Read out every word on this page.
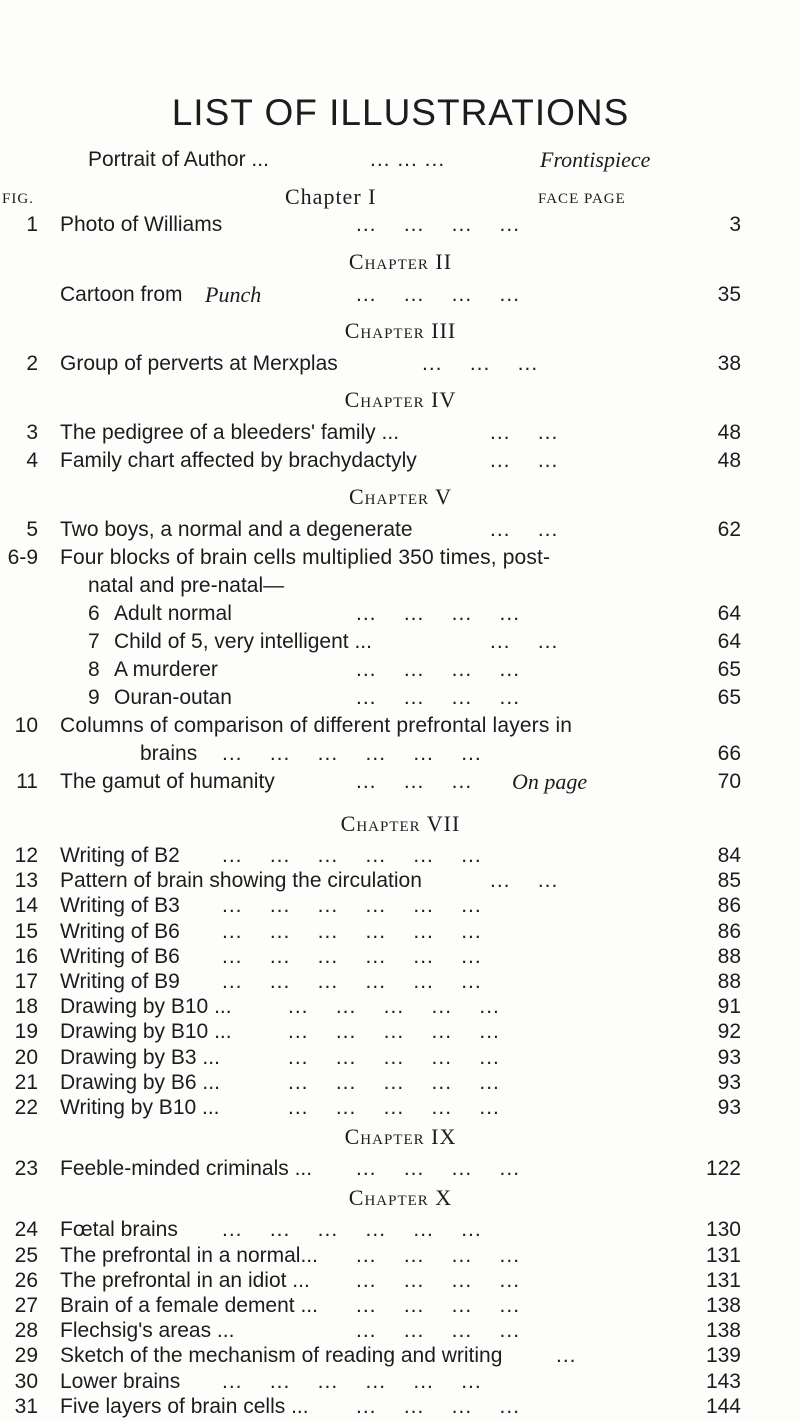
LIST OF ILLUSTRATIONS
Portrait of Author ...	... ... ...	Frontispiece
FIG.	Chapter I	FACE PAGE
1 Photo of Williams	...    ...    ...    ...	3
Chapter II
Cartoon from Punch	...    ...    ...    ...	35
Chapter III
2 Group of perverts at Merxplas	...    ...    ...	38
Chapter IV
3 The pedigree of a bleeders' family ...	...    ...	48
4 Family chart affected by brachydactyly	...    ...	48
Chapter V
5 Two boys, a normal and a degenerate	...    ...	62
6-9 Four blocks of brain cells multiplied 350 times, post-
natal and pre-natal—
6 Adult normal	...    ...    ...    ...	64
7 Child of 5, very intelligent ...	...    ...	64
8 A murderer	...    ...    ...    ...	65
9 Ouran-outan	...    ...    ...    ...	65
10 Columns of comparison of different prefrontal layers in
brains ...    ...    ...    ...    ...    ...	66
11 The gamut of humanity	...    ...    ... On page	70
Chapter VII
12 Writing of B2 ...    ...    ...    ...    ...    ...	84
13 Pattern of brain showing the circulation	...    ...	85
14 Writing of B3 ...    ...    ...    ...    ...    ...	86
15 Writing of B6 ...    ...    ...    ...    ...    ...	86
16 Writing of B6 ...    ...    ...    ...    ...    ...	88
17 Writing of B9 ...    ...    ...    ...    ...    ...	88
18 Drawing by B10 ...	...    ...    ...    ...    ...	91
19 Drawing by B10 ...	...    ...    ...    ...    ...	92
20 Drawing by B3 ...	...    ...    ...    ...    ...	93
21 Drawing by B6 ...	...    ...    ...    ...    ...	93
22 Writing by B10 ...	...    ...    ...    ...    ...	93
Chapter IX
23 Feeble-minded criminals ... ...    ...    ...    ...	122
Chapter X
24 Fœtal brains ...    ...    ...    ...    ...    ...	130
25 The prefrontal in a normal... ...    ...    ...    ...	131
26 The prefrontal in an idiot ... ...    ...    ...    ...	131
27 Brain of a female dement ... ...    ...    ...    ...	138
28 Flechsig's areas ...	...    ...    ...    ...	138
29 Sketch of the mechanism of reading and writing	...	139
30 Lower brains ...    ...    ...    ...    ...    ...	143
31 Five layers of brain cells ... ...    ...    ...    ...	144
